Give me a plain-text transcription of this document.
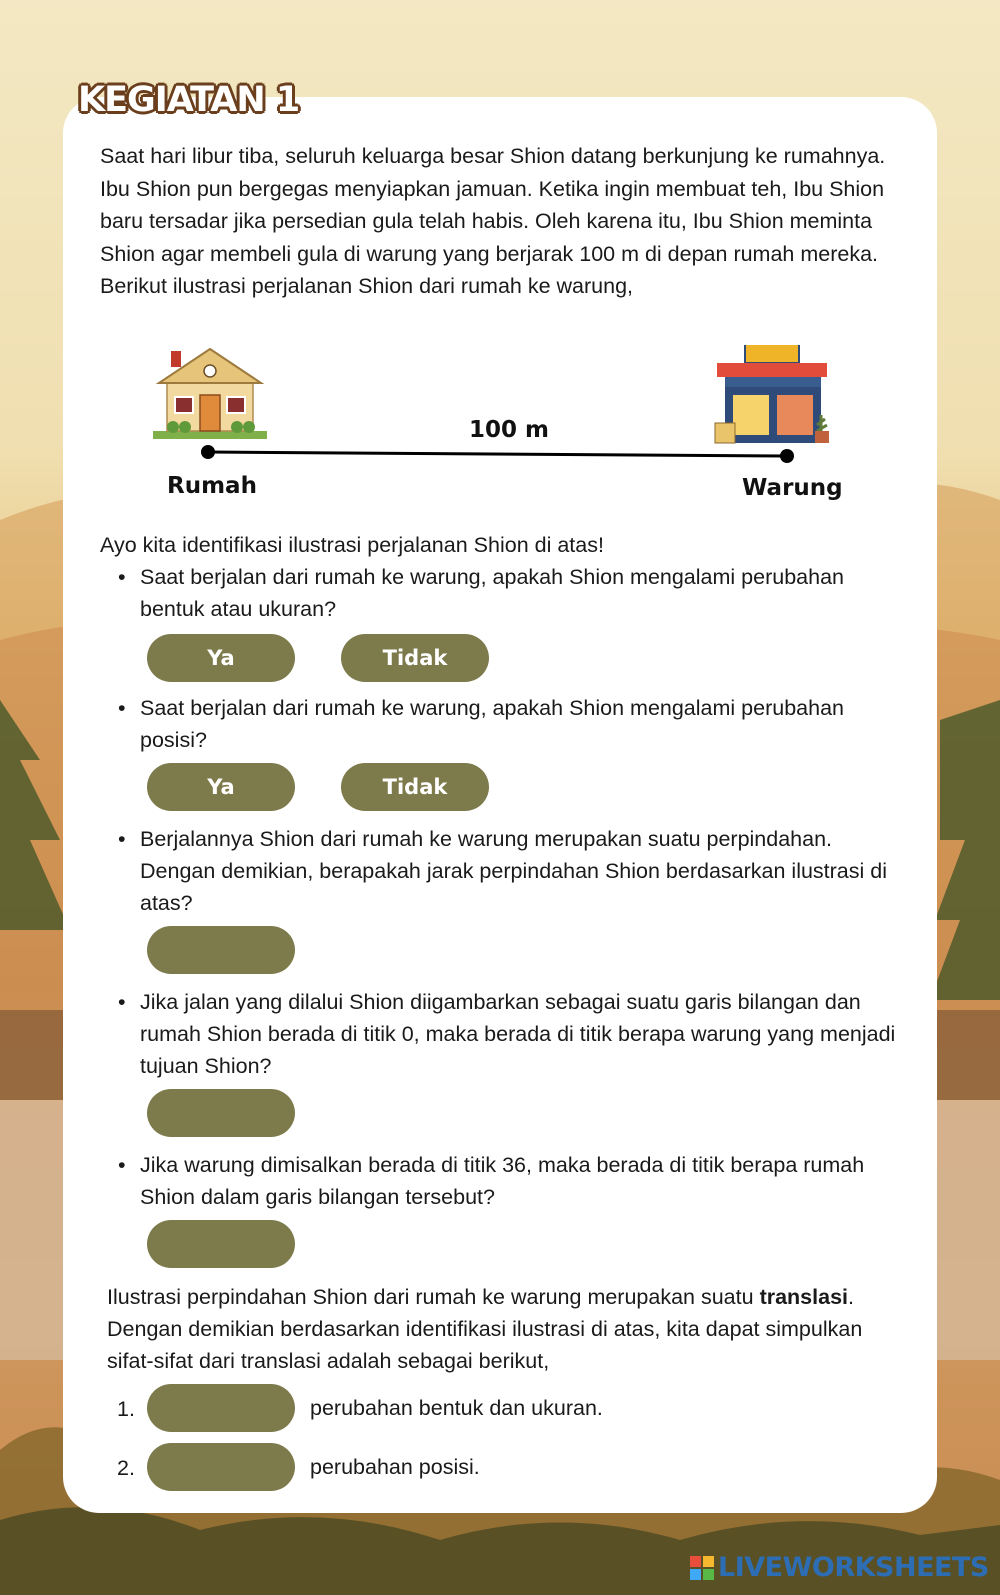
KEGIATAN 1

Saat hari libur tiba, seluruh keluarga besar Shion datang berkunjung ke rumahnya. Ibu Shion pun bergegas menyiapkan jamuan. Ketika ingin membuat teh, Ibu Shion baru tersadar jika persedian gula telah habis. Oleh karena itu, Ibu Shion meminta Shion agar membeli gula di warung yang berjarak 100 m di depan rumah mereka. Berikut ilustrasi perjalanan Shion dari rumah ke warung,

100 m
Rumah	Warung

Ayo kita identifikasi ilustrasi perjalanan Shion di atas!

• Saat berjalan dari rumah ke warung, apakah Shion mengalami perubahan bentuk atau ukuran?

Ya	Tidak
• Saat berjalan dari rumah ke warung, apakah Shion mengalami perubahan posisi?

Ya	Tidak
• Berjalannya Shion dari rumah ke warung merupakan suatu perpindahan. Dengan demikian, berapakah jarak perpindahan Shion berdasarkan ilustrasi di atas?

• Jika jalan yang dilalui Shion diigambarkan sebagai suatu garis bilangan dan rumah Shion berada di titik 0, maka berada di titik berapa warung yang menjadi tujuan Shion?

• Jika warung dimisalkan berada di titik 36, maka berada di titik berapa rumah Shion dalam garis bilangan tersebut?

Ilustrasi perpindahan Shion dari rumah ke warung merupakan suatu translasi. Dengan demikian berdasarkan identifikasi ilustrasi di atas, kita dapat simpulkan sifat-sifat dari translasi adalah sebagai berikut,

1.	perubahan bentuk dan ukuran.
2.	perubahan posisi.
LIVEWORKSHEETS
